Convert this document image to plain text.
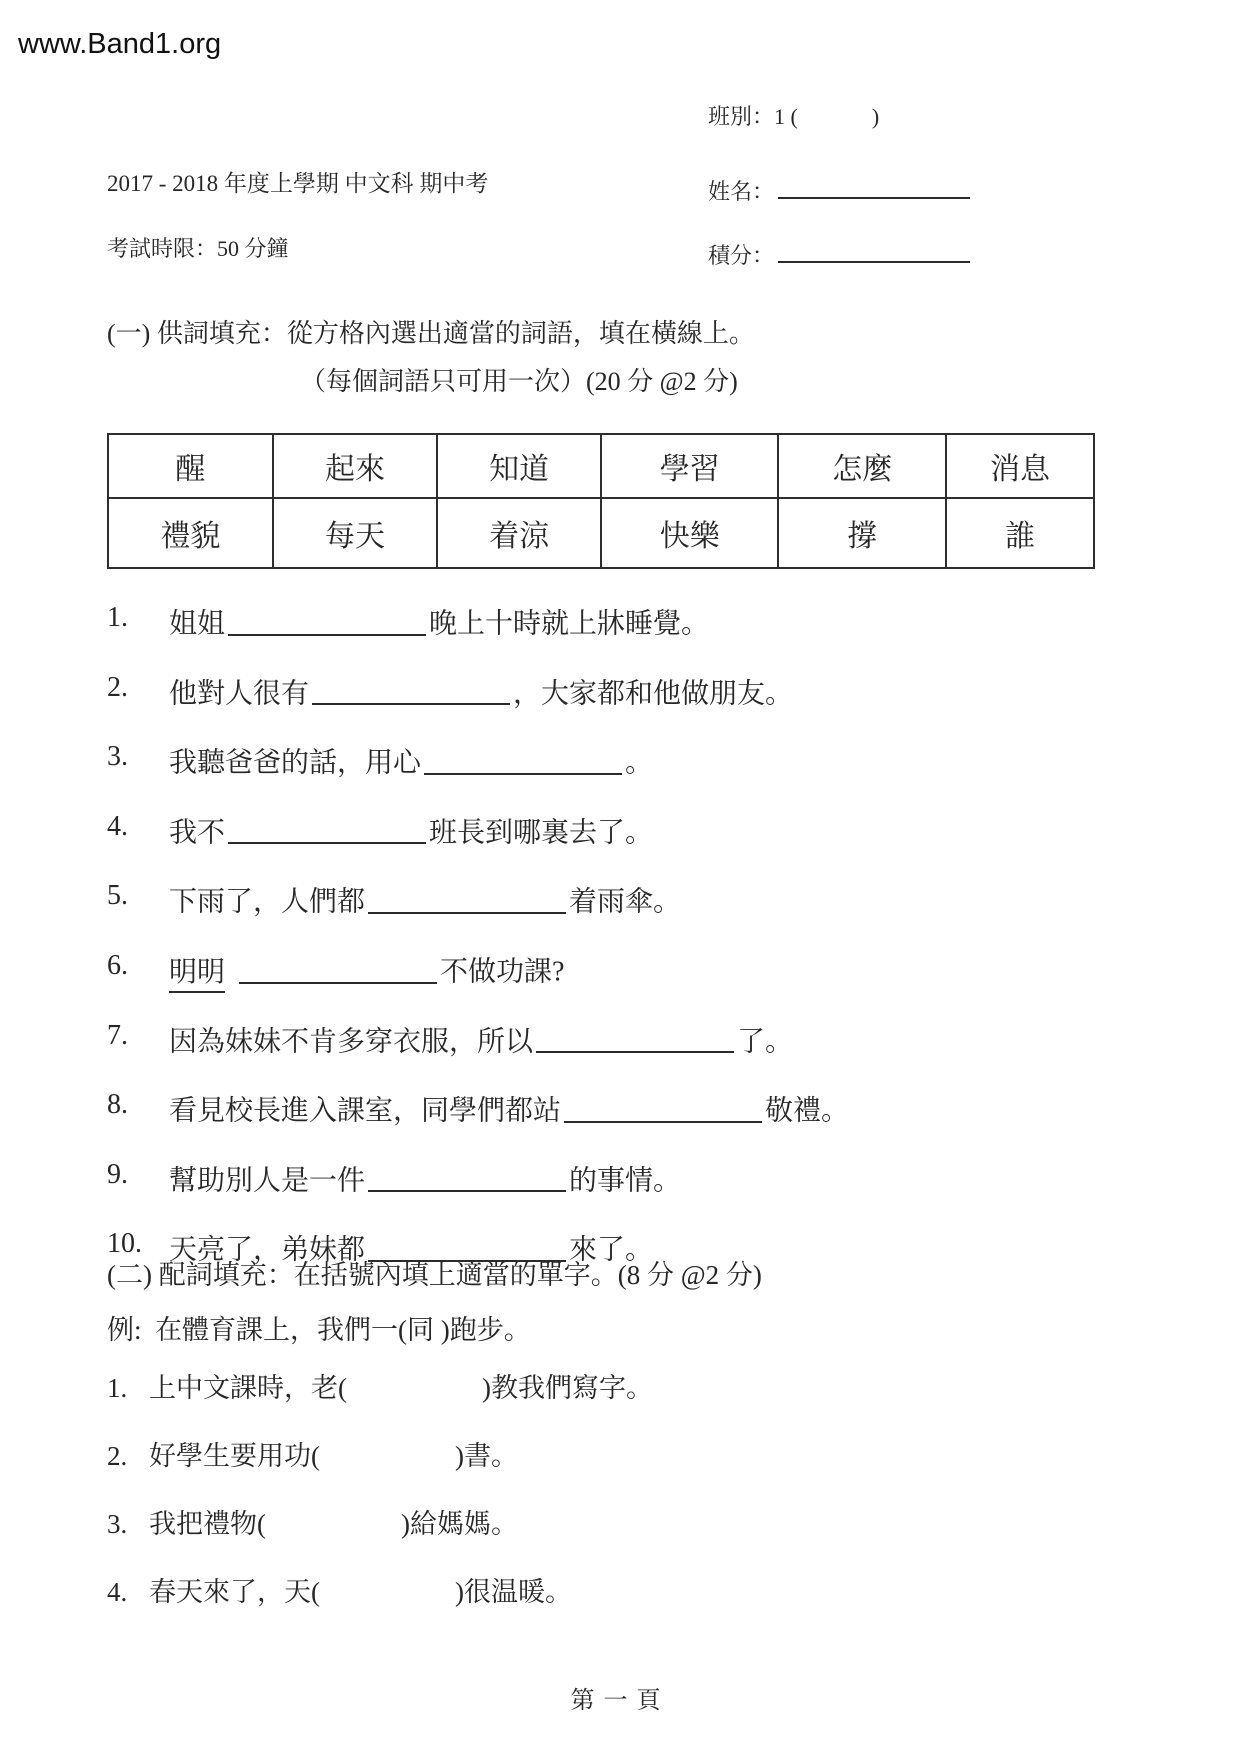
www.Band1.org
班別：1 (	)
姓名：
積分：
2017 - 2018 年度上學期 中文科 期中考
考試時限：50 分鐘
(一) 供詞填充：從方格內選出適當的詞語，填在橫線上。
（每個詞語只可用一次）(20 分 @2 分)
醒	起來	知道	學習	怎麼	消息
禮貌	每天	着涼	快樂	撐	誰
1.	姐姐	晚上十時就上牀睡覺。
2.	他對人很有	，大家都和他做朋友。
3.	我聽爸爸的話，用心	。
4.	我不	班長到哪裏去了。
5.	下雨了，人們都	着雨傘。
6.	明明	不做功課?
7.	因為妹妹不肯多穿衣服，所以	了。
8.	看見校長進入課室，同學們都站	敬禮。
9.	幫助別人是一件	的事情。
10. 天亮了，弟妹都	來了。
(二) 配詞填充：在括號內填上適當的單字。(8 分 @2 分)
例: 在體育課上，我們一(同 )跑步。
1. 上中文課時，老(	)教我們寫字。
2. 好學生要用功(	)書。
3. 我把禮物(	)給媽媽。
4. 春天來了，天(	)很温暖。
第一頁
